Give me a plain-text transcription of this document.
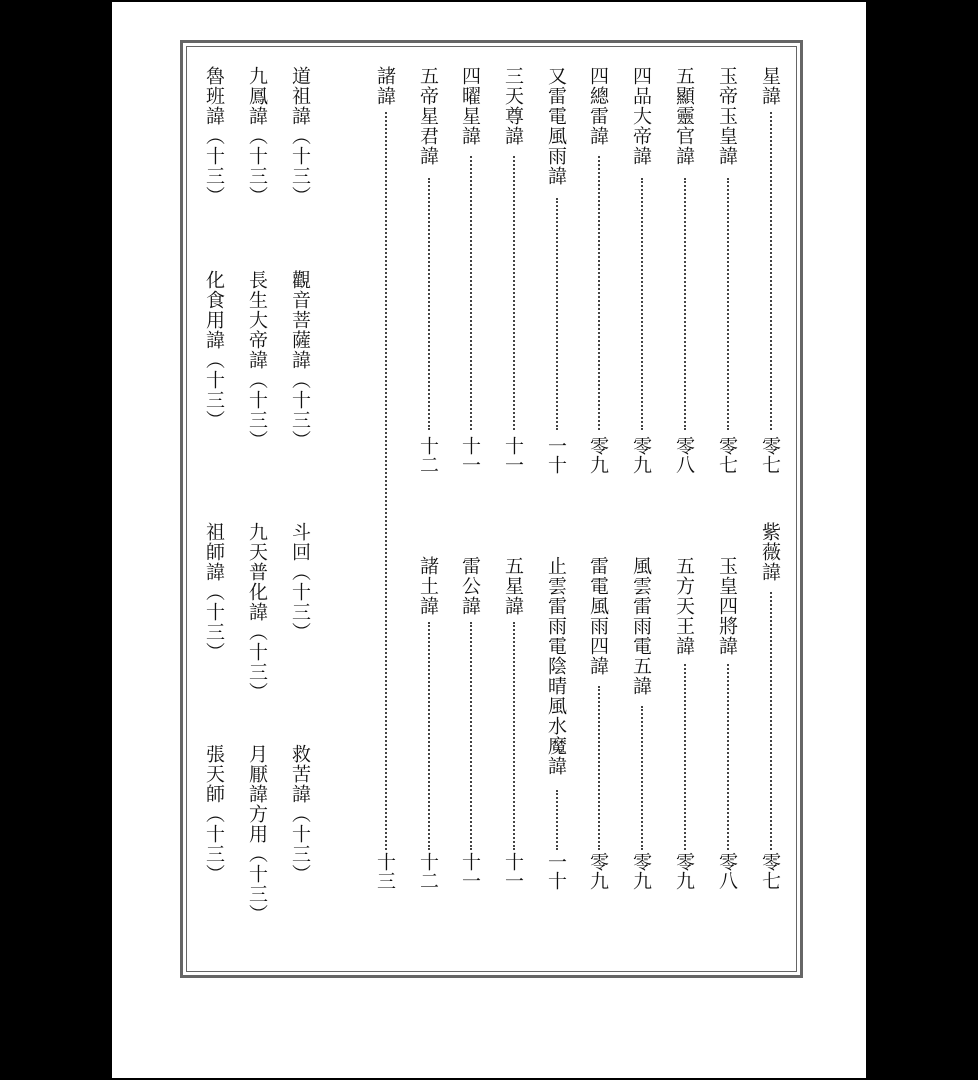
星諱
零七
紫薇諱
零七
玉帝玉皇諱
零七
玉皇四將諱
零八
五顯靈官諱
零八
五方天王諱
零九
四品大帝諱
零九
風雲雷雨電五諱
零九
四總雷諱
零九
雷電風雨四諱
零九
又雷電風雨諱
一十
止雲雷雨電陰晴風水魔諱
一十
三天尊諱
十一
五星諱
十一
四曜星諱
十一
雷公諱
十一
五帝星君諱
十二
諸土諱
十二
諸諱
十三
道祖諱（十三）
觀音菩薩諱（十三）
斗回（十三）
救苦諱（十三）
九鳳諱（十三）
長生大帝諱（十三）
九天普化諱（十三）
月厭諱方用（十三）
魯班諱（十三）
化食用諱（十三）
祖師諱（十三）
張天師（十三）
